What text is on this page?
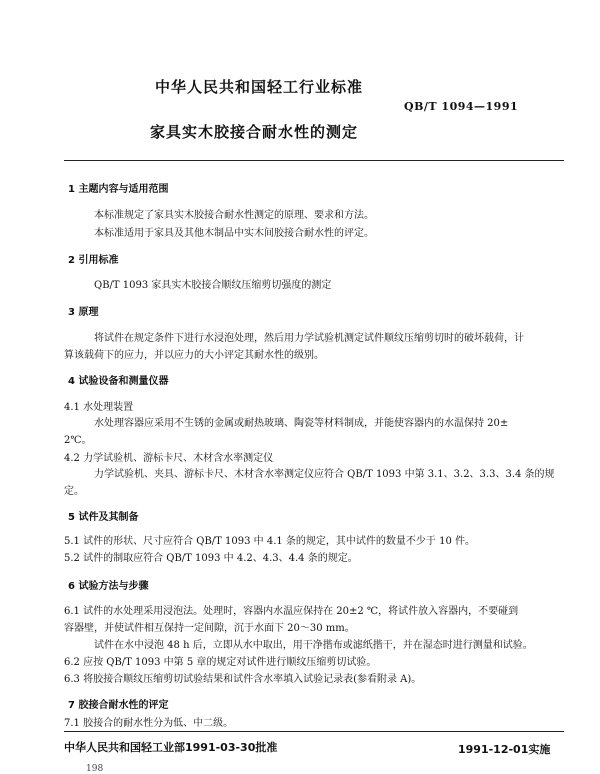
中华人民共和国轻工行业标准
QB/T 1094—1991
家具实木胶接合耐水性的测定
1 主题内容与适用范围
本标准规定了家具实木胶接合耐水性测定的原理、要求和方法。
本标准适用于家具及其他木制品中实木间胶接合耐水性的评定。
2 引用标准
QB/T 1093 家具实木胶接合顺纹压缩剪切强度的测定
3 原理
将试件在规定条件下进行水浸泡处理，然后用力学试验机测定试件顺纹压缩剪切时的破坏载荷，计
算该载荷下的应力，并以应力的大小评定其耐水性的级别。
4 试验设备和测量仪器
4.1 水处理装置
水处理容器应采用不生锈的金属或耐热玻璃、陶瓷等材料制成，并能使容器内的水温保持 20±
2℃。
4.2 力学试验机、游标卡尺、木材含水率测定仪
力学试验机、夹具、游标卡尺、木材含水率测定仪应符合 QB/T 1093 中第 3.1、3.2、3.3、3.4 条的规
定。
5 试件及其制备
5.1 试件的形状、尺寸应符合 QB/T 1093 中 4.1 条的规定，其中试件的数量不少于 10 件。
5.2 试件的制取应符合 QB/T 1093 中 4.2、4.3、4.4 条的规定。
6 试验方法与步骤
6.1 试件的水处理采用浸泡法。处理时，容器内水温应保持在 20±2 ℃，将试件放入容器内，不要碰到
容器壁，并使试件相互保持一定间隙，沉于水面下 20～30 mm。
试件在水中浸泡 48 h 后，立即从水中取出，用干净揩布或滤纸揩干，并在湿态时进行测量和试验。
6.2 应按 QB/T 1093 中第 5 章的规定对试件进行顺纹压缩剪切试验。
6.3 将胶接合顺纹压缩剪切试验结果和试件含水率填入试验记录表(参看附录 A)。
7 胶接合耐水性的评定
7.1 胶接合的耐水性分为低、中二级。
中华人民共和国轻工业部1991-03-30批准	1991-12-01实施
198
